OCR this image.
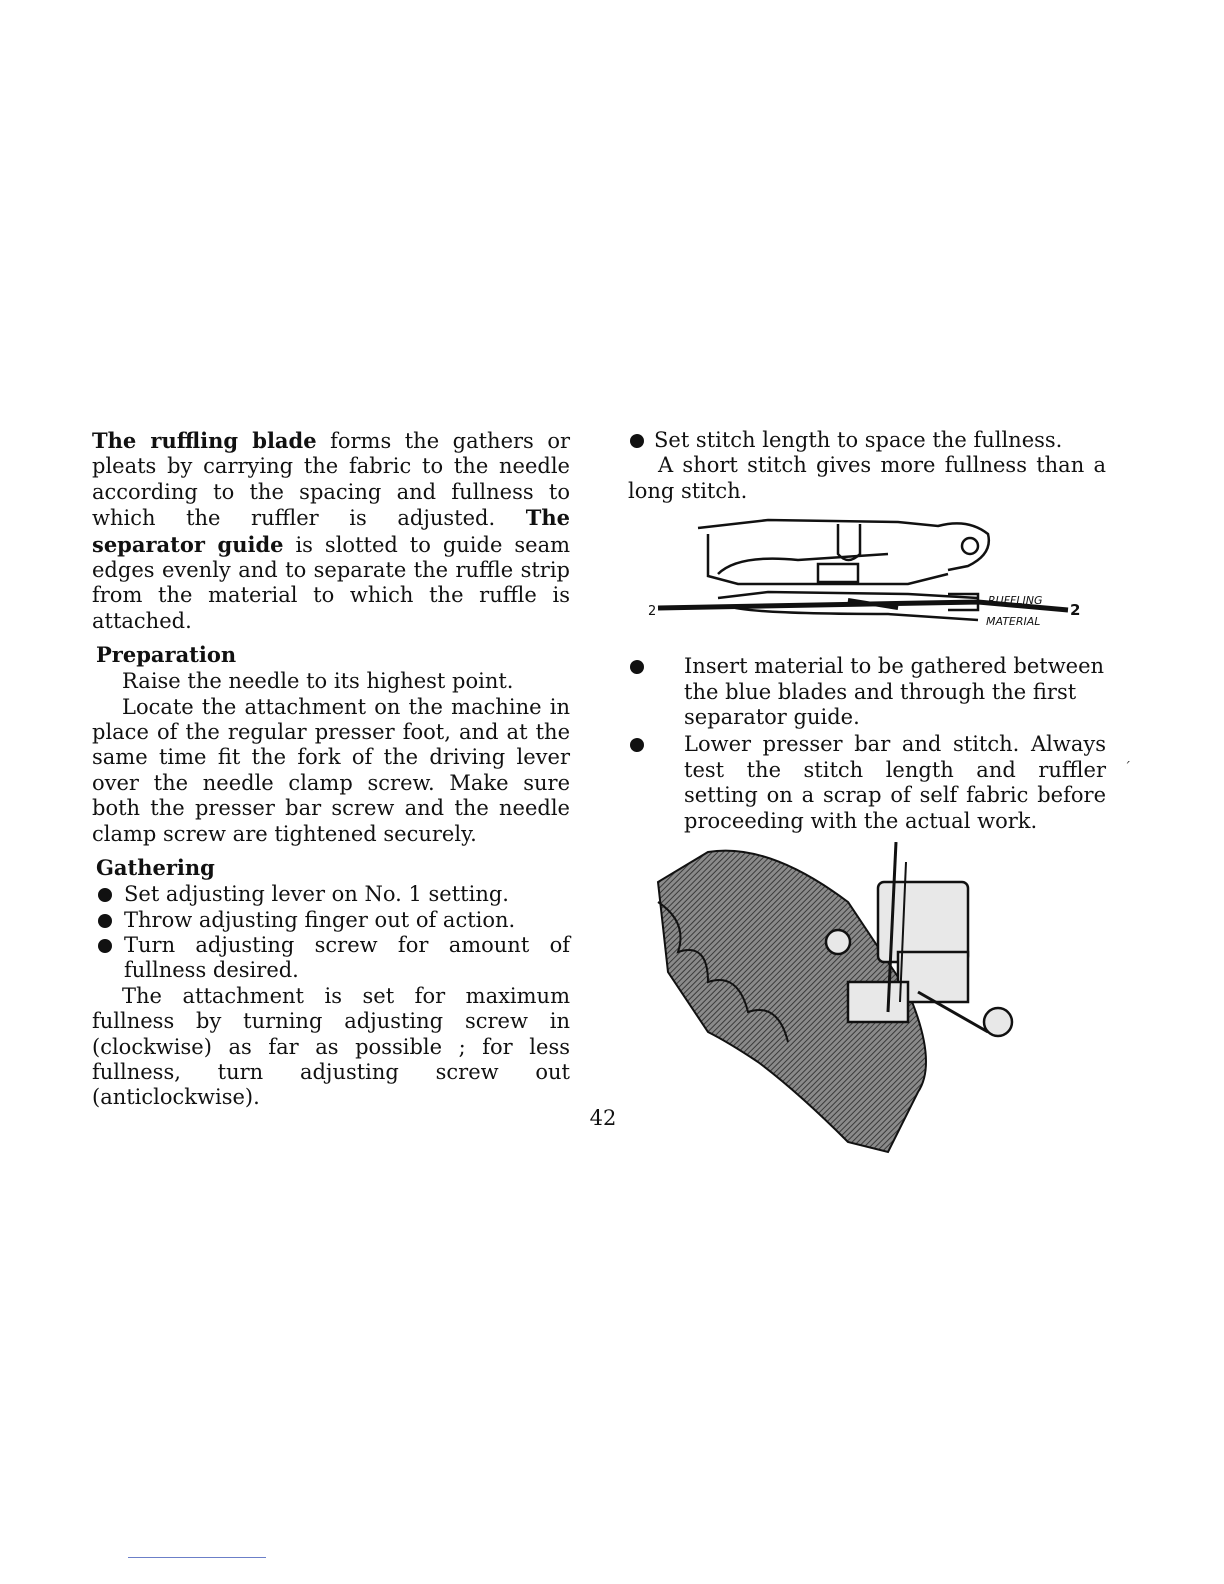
The ruffling blade forms the gathers or pleats by carrying the fabric to the needle according to the spacing and fullness to which the ruffler is adjusted. The separator guide is slotted to guide seam edges evenly and to separate the ruffle strip from the material to which the ruffle is attached.

Preparation

Raise the needle to its highest point.

Locate the attachment on the machine in place of the regular presser foot, and at the same time fit the fork of the driving lever over the needle clamp screw. Make sure both the presser bar screw and the needle clamp screw are tightened securely.

Gathering
Set adjusting lever on No. 1 setting.
Throw adjusting finger out of action.
Turn adjusting screw for amount of fullness desired.

The attachment is set for maximum fullness by turning adjusting screw in (clockwise) as far as possible ; for less fullness, turn adjusting screw out (anticlockwise).

Set stitch length to space the fullness.

A short stitch gives more fullness than a long stitch.

Insert material to be gathered between the blue blades and through the first separator guide.
Lower presser bar and stitch. Always test the stitch length and ruffler setting on a scrap of self fabric before proceeding with the actual work.
2	2
RUFFLING
MATERIAL
42
ˊ
